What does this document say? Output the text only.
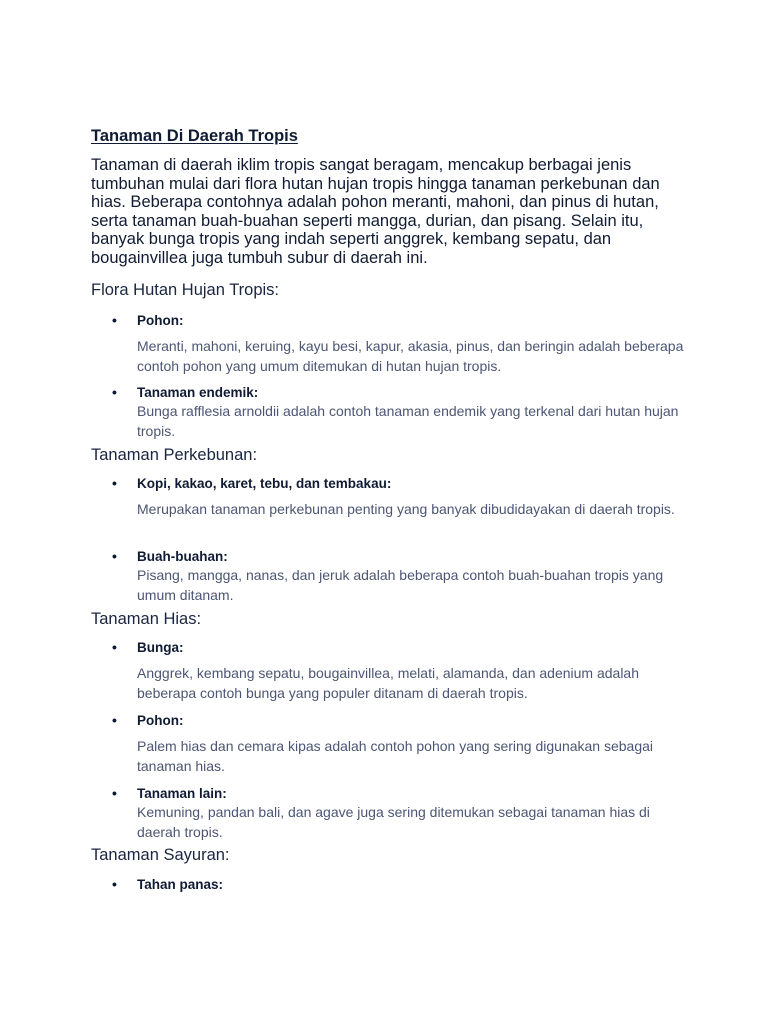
Tanaman Di Daerah Tropis
Tanaman di daerah iklim tropis sangat beragam, mencakup berbagai jenis tumbuhan mulai dari flora hutan hujan tropis hingga tanaman perkebunan dan hias. Beberapa contohnya adalah pohon meranti, mahoni, dan pinus di hutan, serta tanaman buah-buahan seperti mangga, durian, dan pisang. Selain itu, banyak bunga tropis yang indah seperti anggrek, kembang sepatu, dan bougainvillea juga tumbuh subur di daerah ini.
Flora Hutan Hujan Tropis:
• Pohon:
Meranti, mahoni, keruing, kayu besi, kapur, akasia, pinus, dan beringin adalah beberapa contoh pohon yang umum ditemukan di hutan hujan tropis.
• Tanaman endemik:
Bunga rafflesia arnoldii adalah contoh tanaman endemik yang terkenal dari hutan hujan tropis.
Tanaman Perkebunan:
• Kopi, kakao, karet, tebu, dan tembakau:
Merupakan tanaman perkebunan penting yang banyak dibudidayakan di daerah tropis.
• Buah-buahan:
Pisang, mangga, nanas, dan jeruk adalah beberapa contoh buah-buahan tropis yang umum ditanam.
Tanaman Hias:
• Bunga:
Anggrek, kembang sepatu, bougainvillea, melati, alamanda, dan adenium adalah beberapa contoh bunga yang populer ditanam di daerah tropis.
• Pohon:
Palem hias dan cemara kipas adalah contoh pohon yang sering digunakan sebagai tanaman hias.
• Tanaman lain:
Kemuning, pandan bali, dan agave juga sering ditemukan sebagai tanaman hias di daerah tropis.
Tanaman Sayuran:
• Tahan panas:
